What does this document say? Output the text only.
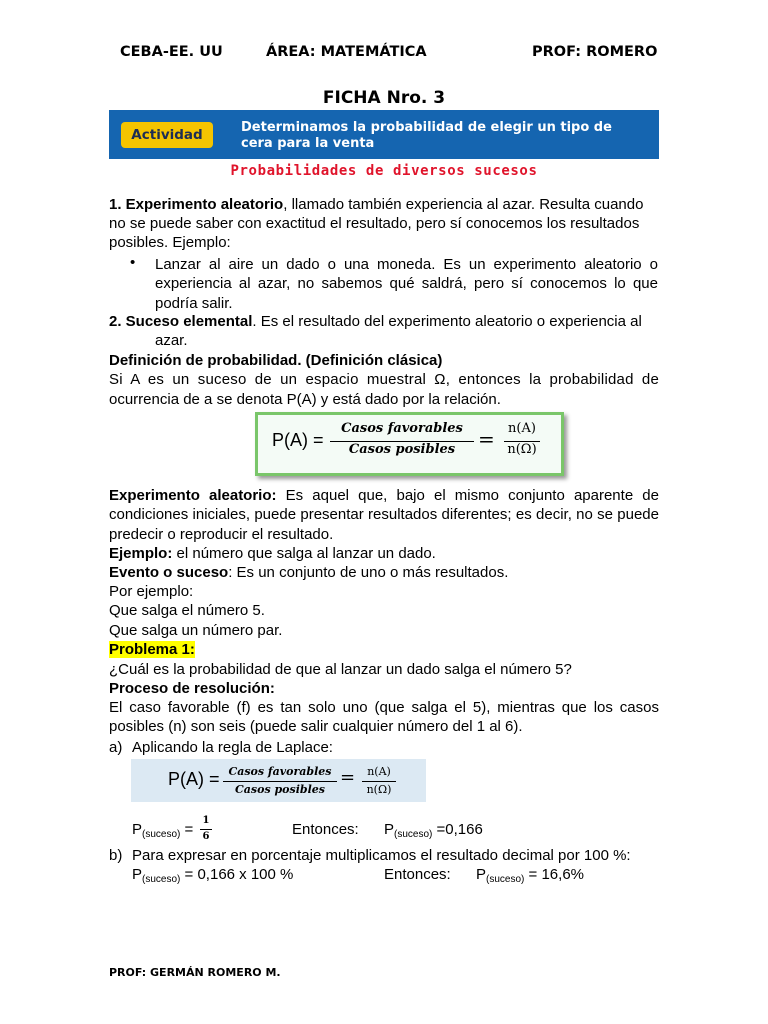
CEBA-EE. UU	ÁREA: MATEMÁTICA	PROF: ROMERO
FICHA Nro. 3
Actividad	Determinamos la probabilidad de elegir un tipo de cera para la venta
Probabilidades de diversos sucesos
1. Experimento aleatorio, llamado también experiencia al azar. Resulta cuando
no se puede saber con exactitud el resultado, pero sí conocemos los resultados
posibles. Ejemplo:
• Lanzar al aire un dado o una moneda. Es un experimento aleatorio o experiencia al azar, no sabemos qué saldrá, pero sí conocemos lo que podría salir.
2. Suceso elemental. Es el resultado del experimento aleatorio o experiencia al
azar.
Definición de probabilidad. (Definición clásica)
Si A es un suceso de un espacio muestral Ω, entonces la probabilidad de
ocurrencia de a se denota P(A) y está dado por la relación.
P(A) =
Casos favorables
Casos posibles	=	n(A)
n(Ω)
Experimento aleatorio: Es aquel que, bajo el mismo conjunto aparente de condiciones iniciales, puede presentar resultados diferentes; es decir, no se puede predecir o reproducir el resultado.
Ejemplo: el número que salga al lanzar un dado.
Evento o suceso: Es un conjunto de uno o más resultados.
Por ejemplo:
Que salga el número 5.
Que salga un número par.
Problema 1:
¿Cuál es la probabilidad de que al lanzar un dado salga el número 5?
Proceso de resolución:
El caso favorable (f) es tan solo uno (que salga el 5), mientras que los casos posibles (n) son seis (puede salir cualquier número del 1 al 6).
a) Aplicando la regla de Laplace:
P(A) = Casos favorables
Casos posibles
=	n(A)
n(Ω)
$P_{(suceso)}$ =
1
6	Entonces: $P_{(suceso)} =0,166$
b) Para expresar en porcentaje multiplicamos el resultado decimal por 100 %:
$P_{(suceso)} = 0,166$ x 100 %	Entonces: $P_{(suceso)} = 16,6\%$
PROF: GERMÁN ROMERO M.
